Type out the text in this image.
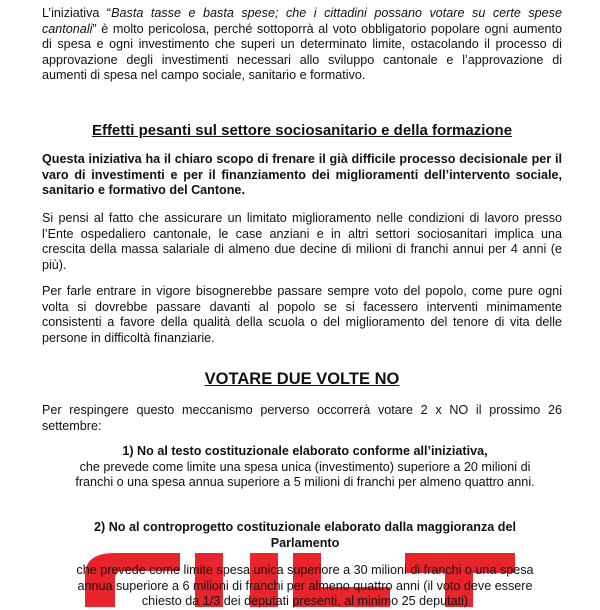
L’iniziativa “Basta tasse e basta spese; che i cittadini possano votare su certe spese cantonali” è molto pericolosa, perché sottoporrà al voto obbligatorio popolare ogni aumento di spesa e ogni investimento che superi un determinato limite, ostacolando il processo di approvazione degli investimenti necessari allo sviluppo cantonale e l’approvazione di aumenti di spesa nel campo sociale, sanitario e formativo.

Effetti pesanti sul settore sociosanitario e della formazione

Questa iniziativa ha il chiaro scopo di frenare il già difficile processo decisionale per il varo di investimenti e per il finanziamento dei miglioramenti dell’intervento sociale, sanitario e formativo del Cantone.

Si pensi al fatto che assicurare un limitato miglioramento nelle condizioni di lavoro presso l’Ente ospedaliero cantonale, le case anziani e in altri settori sociosanitari implica una crescita della massa salariale di almeno due decine di milioni di franchi annui per 4 anni (e più).

Per farle entrare in vigore bisognerebbe passare sempre voto del popolo, come pure ogni volta si dovrebbe passare davanti al popolo se si facessero interventi minimamente consistenti a favore della qualità della scuola o del miglioramento del tenore di vita delle persone in difficoltà finanziarie.

VOTARE DUE VOLTE NO

Per respingere questo meccanismo perverso occorrerà votare 2 x NO il prossimo 26 settembre:

1) No al testo costituzionale elaborato conforme all’iniziativa,
che prevede come limite una spesa unica (investimento) superiore a 20 milioni di
franchi o una spesa annua superiore a 5 milioni di franchi per almeno quattro anni.
2) No al controprogetto costituzionale elaborato dalla maggioranza del
Parlamento
che prevede come limite spesa unica superiore a 30 milioni di franchi o una spesa
annua superiore a 6 milioni di franchi per almeno quattro anni (il voto deve essere
chiesto da 1/3 dei deputati presenti, al minimo 25 deputati)
